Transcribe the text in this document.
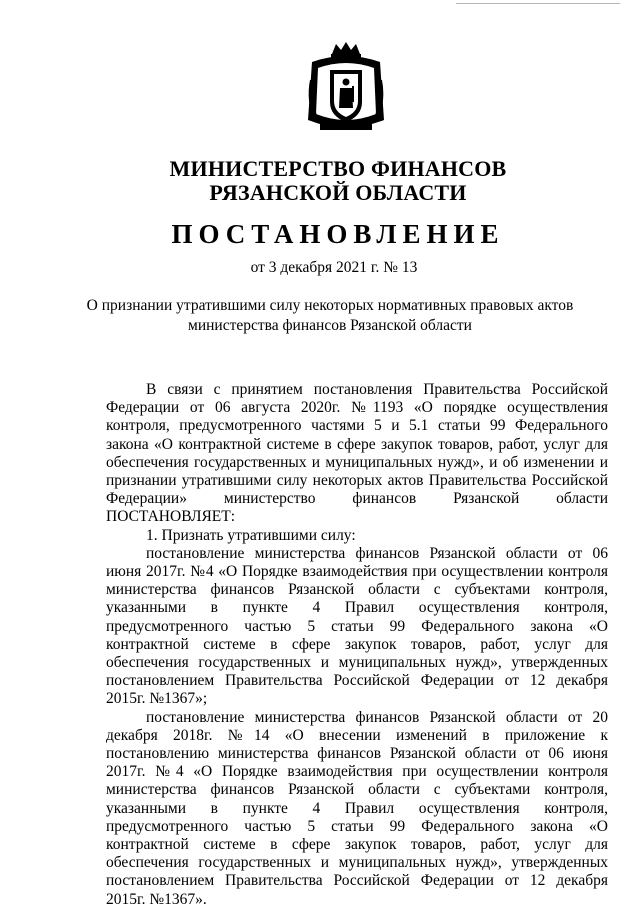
МИНИСТЕРСТВО ФИНАНСОВ
РЯЗАНСКОЙ ОБЛАСТИ
ПОСТАНОВЛЕНИЕ
от 3 декабря 2021 г. № 13
О признании утратившими силу некоторых нормативных правовых актов министерства финансов Рязанской области

В связи с принятием постановления Правительства Российской Федерации от 06 августа 2020г. №1193 «О порядке осуществления контроля, предусмотренного частями 5 и 5.1 статьи 99 Федерального закона «О контрактной системе в сфере закупок товаров, работ, услуг для обеспечения государственных и муниципальных нужд», и об изменении и признании утратившими силу некоторых актов Правительства Российской Федерации» министерство финансов Рязанской области ПОСТАНОВЛЯЕТ:

1. Признать утратившими силу:

постановление министерства финансов Рязанской области от 06 июня 2017г. №4 «О Порядке взаимодействия при осуществлении контроля министерства финансов Рязанской области с субъектами контроля, указанными в пункте 4 Правил осуществления контроля, предусмотренного частью 5 статьи 99 Федерального закона «О контрактной системе в сфере закупок товаров, работ, услуг для обеспечения государственных и муниципальных нужд», утвержденных постановлением Правительства Российской Федерации от 12 декабря 2015г. №1367»;

постановление министерства финансов Рязанской области от 20 декабря 2018г. №14 «О внесении изменений в приложение к постановлению министерства финансов Рязанской области от 06 июня 2017г. №4 «О Порядке взаимодействия при осуществлении контроля министерства финансов Рязанской области с субъектами контроля, указанными в пункте 4 Правил осуществления контроля, предусмотренного частью 5 статьи 99 Федерального закона «О контрактной системе в сфере закупок товаров, работ, услуг для обеспечения государственных и муниципальных нужд», утвержденных постановлением Правительства Российской Федерации от 12 декабря 2015г. №1367».
